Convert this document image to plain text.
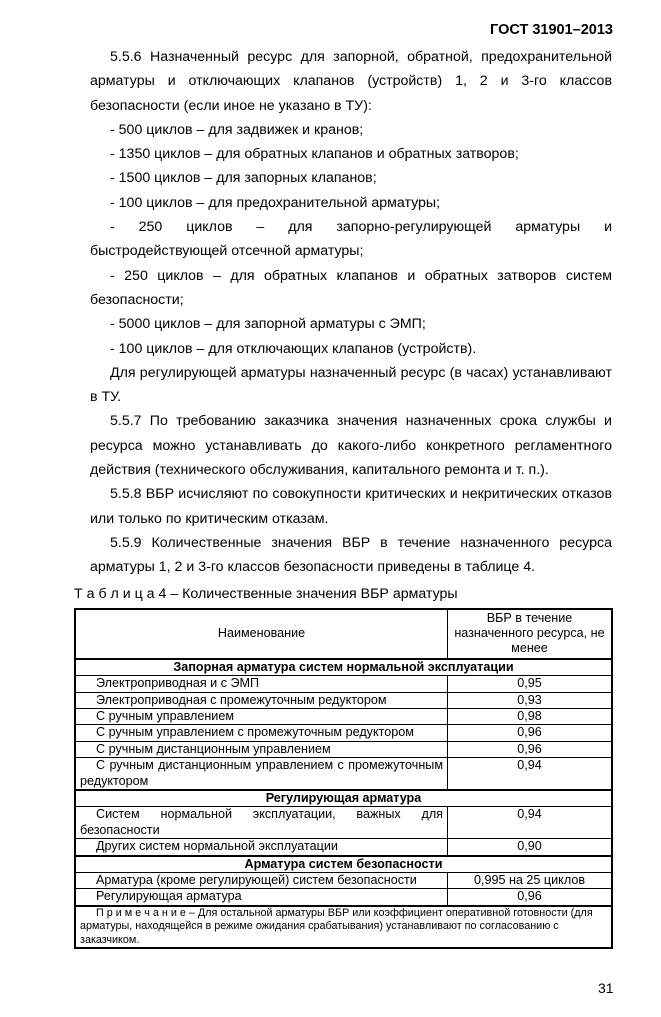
ГОСТ 31901–2013

5.5.6 Назначенный ресурс для запорной, обратной, предохранительной арматуры и отключающих клапанов (устройств) 1, 2 и 3-го классов безопасности (если иное не указано в ТУ):

- 500 циклов – для задвижек и кранов;

- 1350 циклов – для обратных клапанов и обратных затворов;

- 1500 циклов – для запорных клапанов;

- 100 циклов – для предохранительной арматуры;

- 250 циклов – для запорно-регулирующей арматуры и быстродействующей отсечной арматуры;

- 250 циклов – для обратных клапанов и обратных затворов систем безопасности;

- 5000 циклов – для запорной арматуры с ЭМП;

- 100 циклов – для отключающих клапанов (устройств).

Для регулирующей арматуры назначенный ресурс (в часах) устанавливают в ТУ.

5.5.7 По требованию заказчика значения назначенных срока службы и ресурса можно устанавливать до какого-либо конкретного регламентного действия (технического обслуживания, капитального ремонта и т. п.).

5.5.8 ВБР исчисляют по совокупности критических и некритических отказов или только по критическим отказам.

5.5.9 Количественные значения ВБР в течение назначенного ресурса арматуры 1, 2 и 3-го классов безопасности приведены в таблице 4.

Т а б л и ц а 4 – Количественные значения ВБР арматуры
Наименование	ВБР в течение назначенного ресурса, не менее
Запорная арматура систем нормальной эксплуатации	
Электроприводная и с ЭМП	0,95
Электроприводная с промежуточным редуктором	0,93
С ручным управлением	0,98
С ручным управлением с промежуточным редуктором	0,96
С ручным дистанционным управлением	0,96
С ручным дистанционным управлением с промежуточным редуктором	0,94
Регулирующая арматура	
Систем нормальной эксплуатации, важных для безопасности	0,94
Других систем нормальной эксплуатации	0,90
Арматура систем безопасности	
Арматура (кроме регулирующей) систем безопасности	0,995 на 25 циклов
Регулирующая арматура	0,96
П р и м е ч а н и е – Для остальной арматуры ВБР или коэффициент оперативной готовности (для арматуры, находящейся в режиме ожидания срабатывания) устанавливают по согласованию с заказчиком.	
31
